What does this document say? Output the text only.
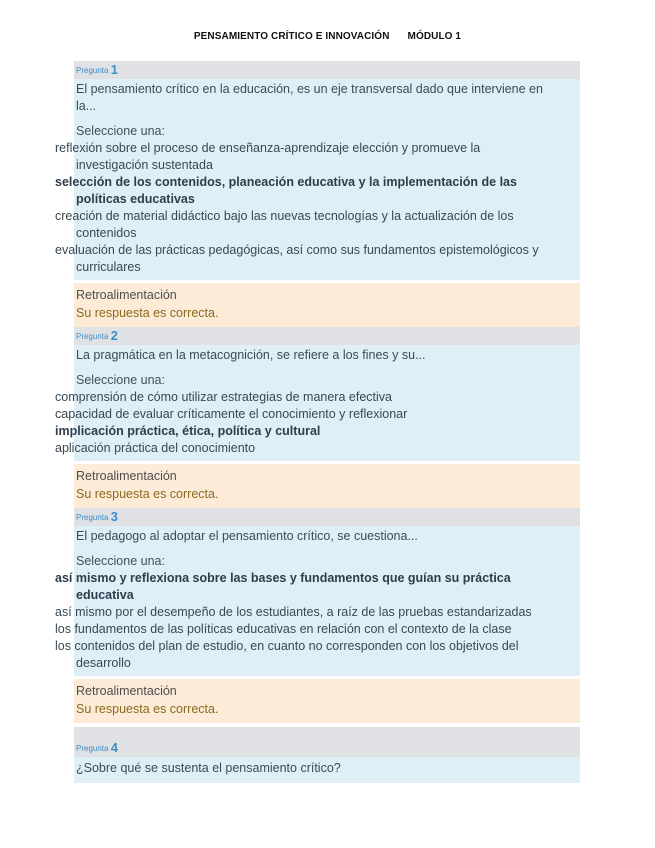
PENSAMIENTO CRÍTICO E INNOVACIÓN MÓDULO 1
Pregunta 1
El pensamiento crítico en la educación, es un eje transversal dado que interviene en
la...
Seleccione una:
reflexión sobre el proceso de enseñanza-aprendizaje elección y promueve la
investigación sustentada
selección de los contenidos, planeación educativa y la implementación de las
políticas educativas
creación de material didáctico bajo las nuevas tecnologías y la actualización de los
contenidos
evaluación de las prácticas pedagógicas, así como sus fundamentos epistemológicos y
curriculares
Retroalimentación
Su respuesta es correcta.
Pregunta 2
La pragmática en la metacognición, se refiere a los fines y su...
Seleccione una:
comprensión de cómo utilizar estrategias de manera efectiva
capacidad de evaluar críticamente el conocimiento y reflexionar
implicación práctica, ética, política y cultural
aplicación práctica del conocimiento
Retroalimentación
Su respuesta es correcta.
Pregunta 3
El pedagogo al adoptar el pensamiento crítico, se cuestiona...
Seleccione una:
así mismo y reflexiona sobre las bases y fundamentos que guían su práctica
educativa
así mismo por el desempeño de los estudiantes, a raíz de las pruebas estandarizadas
los fundamentos de las políticas educativas en relación con el contexto de la clase
los contenidos del plan de estudio, en cuanto no corresponden con los objetivos del
desarrollo
Retroalimentación
Su respuesta es correcta.
Pregunta 4
¿Sobre qué se sustenta el pensamiento crítico?
